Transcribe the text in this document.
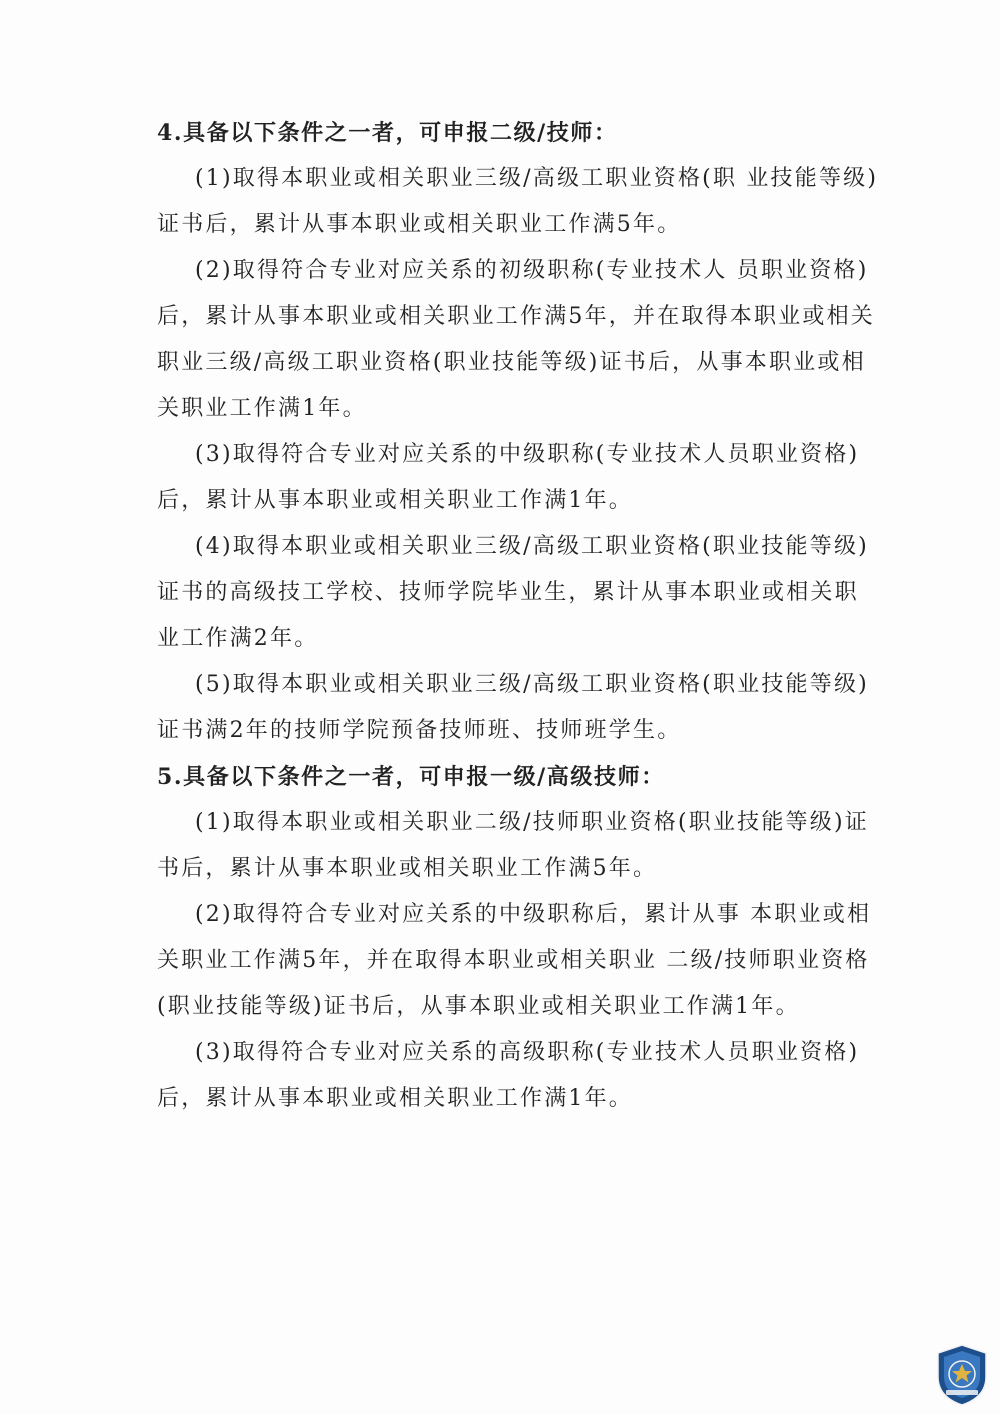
4.具备以下条件之一者，可申报二级/技师：
(1)取得本职业或相关职业三级/高级工职业资格(职 业技能等级)
证书后，累计从事本职业或相关职业工作满5年。
(2)取得符合专业对应关系的初级职称(专业技术人 员职业资格)
后，累计从事本职业或相关职业工作满5年，并在取得本职业或相关
职业三级/高级工职业资格(职业技能等级)证书后，从事本职业或相
关职业工作满1年。
(3)取得符合专业对应关系的中级职称(专业技术人员职业资格)
后，累计从事本职业或相关职业工作满1年。
(4)取得本职业或相关职业三级/高级工职业资格(职业技能等级)
证书的高级技工学校、技师学院毕业生，累计从事本职业或相关职
业工作满2年。
(5)取得本职业或相关职业三级/高级工职业资格(职业技能等级)
证书满2年的技师学院预备技师班、技师班学生。
5.具备以下条件之一者，可申报一级/高级技师：
(1)取得本职业或相关职业二级/技师职业资格(职业技能等级)证
书后，累计从事本职业或相关职业工作满5年。
(2)取得符合专业对应关系的中级职称后，累计从事 本职业或相
关职业工作满5年，并在取得本职业或相关职业 二级/技师职业资格
(职业技能等级)证书后，从事本职业或相关职业工作满1年。
(3)取得符合专业对应关系的高级职称(专业技术人员职业资格)
后，累计从事本职业或相关职业工作满1年。
